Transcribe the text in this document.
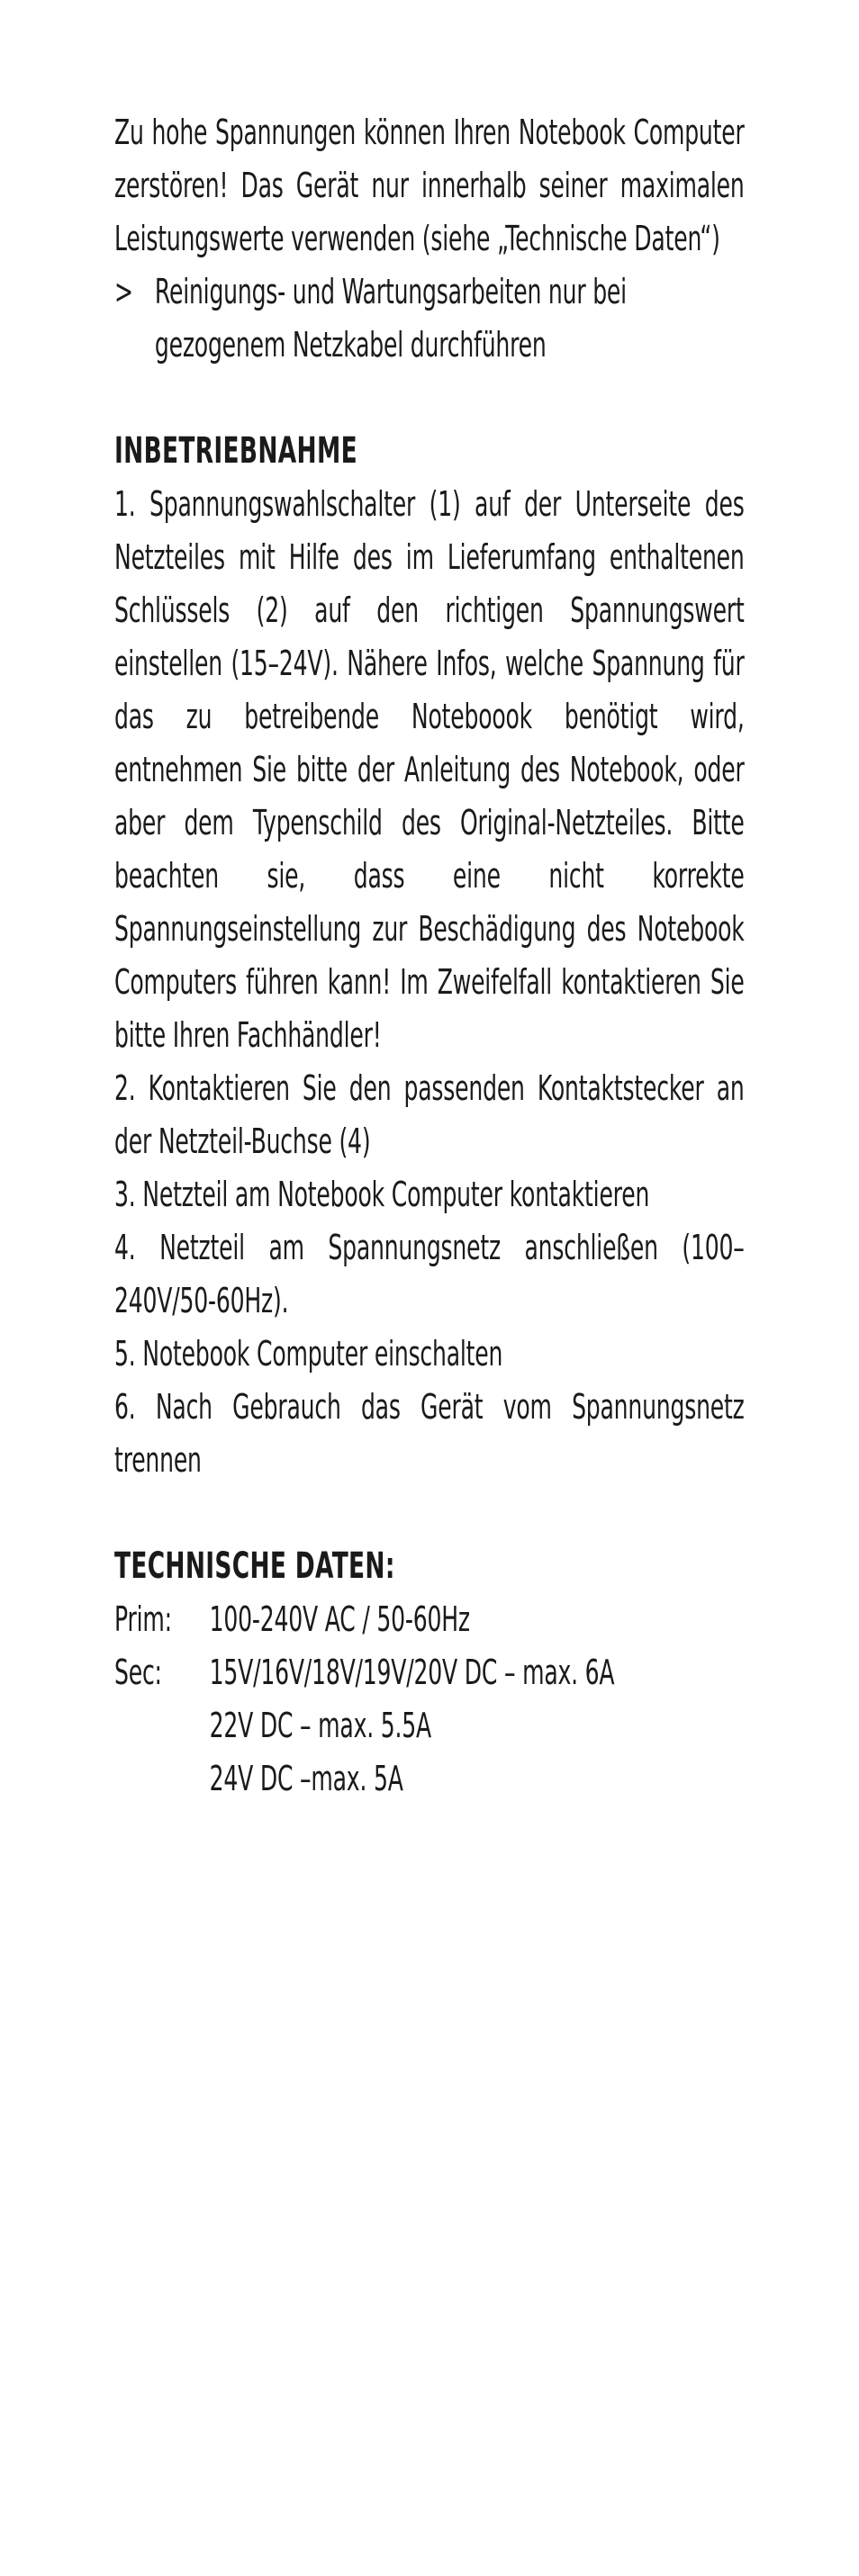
Zu hohe Spannungen können Ihren Notebook Computer zerstören! Das Gerät nur innerhalb seiner maximalen Leistungswerte verwenden (siehe „Technische Daten“)

> Reinigungs- und Wartungsarbeiten nur bei gezogenem Netzkabel durchführen
INBETRIEBNAHME

1. Spannungswahlschalter (1) auf der Unterseite des Netzteiles mit Hilfe des im Lieferumfang enthaltenen Schlüssels (2) auf den richtigen Spannungswert einstellen (15–24V). Nähere Infos, welche Spannung für das zu betreibende Noteboook benötigt wird, entnehmen Sie bitte der Anleitung des Notebook, oder aber dem Typenschild des Original-Netzteiles. Bitte beachten sie, dass eine nicht korrekte Spannungseinstellung zur Beschädigung des Notebook Computers führen kann! Im Zweifelfall kontaktieren Sie bitte Ihren Fachhändler!

2. Kontaktieren Sie den passenden Kontaktstecker an der Netzteil-Buchse (4)

3. Netzteil am Notebook Computer kontaktieren

4. Netzteil am Spannungsnetz anschließen (100–240V/50-60Hz).

5. Notebook Computer einschalten

6. Nach Gebrauch das Gerät vom Spannungsnetz trennen

TECHNISCHE DATEN:
Prim:	100-240V AC / 50-60Hz
Sec:	15V/16V/18V/19V/20V DC – max. 6A
22V DC – max. 5.5A
24V DC –max. 5A
